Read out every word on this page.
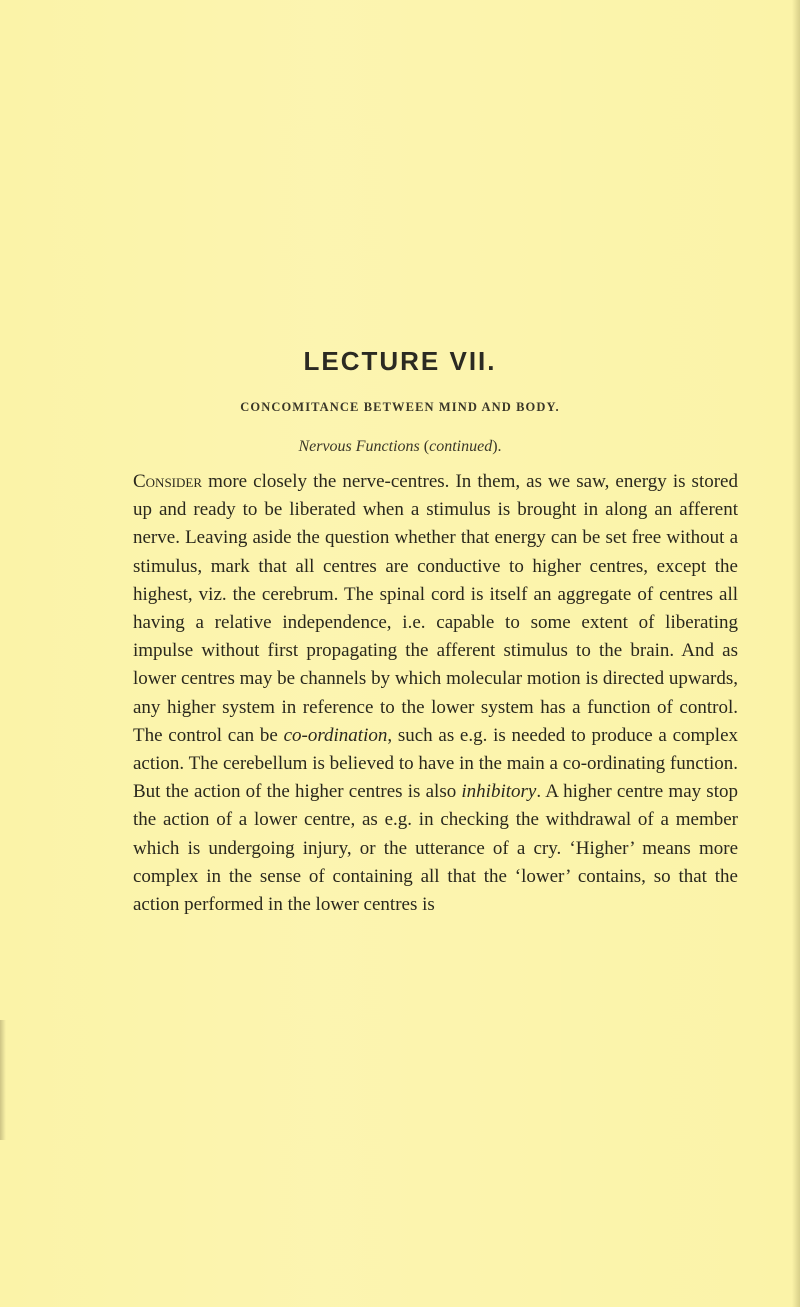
LECTURE VII.

CONCOMITANCE BETWEEN MIND AND BODY.

Nervous Functions (continued).

Consider more closely the nerve-centres. In them, as we saw, energy is stored up and ready to be liberated when a stimulus is brought in along an afferent nerve. Leaving aside the question whether that energy can be set free without a stimulus, mark that all centres are conductive to higher centres, except the highest, viz. the cerebrum. The spinal cord is itself an aggregate of centres all having a relative independence, i.e. capable to some extent of liberating impulse without first propagating the afferent stimulus to the brain. And as lower centres may be channels by which molecular motion is directed upwards, any higher system in reference to the lower system has a function of control. The control can be co-ordination, such as e.g. is needed to produce a complex action. The cerebellum is believed to have in the main a co-ordinating function. But the action of the higher centres is also inhibitory. A higher centre may stop the action of a lower centre, as e.g. in checking the withdrawal of a member which is undergoing injury, or the utterance of a cry. ‘Higher’ means more complex in the sense of containing all that the ‘lower’ contains, so that the action performed in the lower centres is
